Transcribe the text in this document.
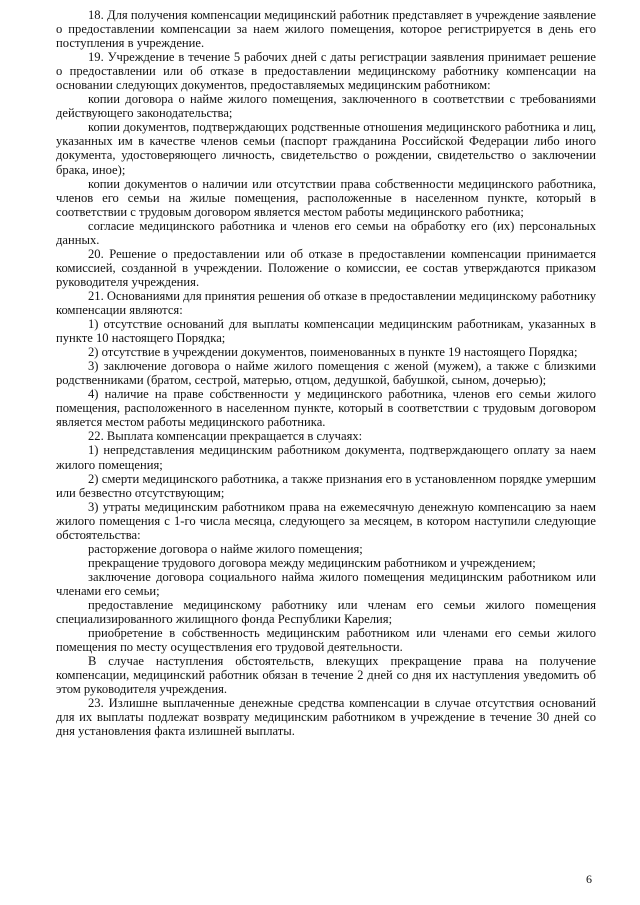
18. Для получения компенсации медицинский работник представляет в учреждение заявление о предоставлении компенсации за наем жилого помещения, которое регистрируется в день его поступления в учреждение.

19. Учреждение в течение 5 рабочих дней с даты регистрации заявления принимает решение о предоставлении или об отказе в предоставлении медицинскому работнику компенсации на основании следующих документов, предоставляемых медицинским работником:

копии договора о найме жилого помещения, заключенного в соответствии с требованиями действующего законодательства;

копии документов, подтверждающих родственные отношения медицинского работника и лиц, указанных им в качестве членов семьи (паспорт гражданина Российской Федерации либо иного документа, удостоверяющего личность, свидетельство о рождении, свидетельство о заключении брака, иное);

копии документов о наличии или отсутствии права собственности медицинского работника, членов его семьи на жилые помещения, расположенные в населенном пункте, который в соответствии с трудовым договором является местом работы медицинского работника;

согласие медицинского работника и членов его семьи на обработку его (их) персональных данных.

20. Решение о предоставлении или об отказе в предоставлении компенсации принимается комиссией, созданной в учреждении. Положение о комиссии, ее состав утверждаются приказом руководителя учреждения.

21. Основаниями для принятия решения об отказе в предоставлении медицинскому работнику компенсации являются:

1) отсутствие оснований для выплаты компенсации медицинским работникам, указанных в пункте 10 настоящего Порядка;

2) отсутствие в учреждении документов, поименованных в пункте 19 настоящего Порядка;

3) заключение договора о найме жилого помещения с женой (мужем), а также с близкими родственниками (братом, сестрой, матерью, отцом, дедушкой, бабушкой, сыном, дочерью);

4) наличие на праве собственности у медицинского работника, членов его семьи жилого помещения, расположенного в населенном пункте, который в соответствии с трудовым договором является местом работы медицинского работника.

22. Выплата компенсации прекращается в случаях:

1) непредставления медицинским работником документа, подтверждающего оплату за наем жилого помещения;

2) смерти медицинского работника, а также признания его в установленном порядке умершим или безвестно отсутствующим;

3) утраты медицинским работником права на ежемесячную денежную компенсацию за наем жилого помещения с 1-го числа месяца, следующего за месяцем, в котором наступили следующие обстоятельства:

расторжение договора о найме жилого помещения;

прекращение трудового договора между медицинским работником и учреждением;

заключение договора социального найма жилого помещения медицинским работником или членами его семьи;

предоставление медицинскому работнику или членам его семьи жилого помещения специализированного жилищного фонда Республики Карелия;

приобретение в собственность медицинским работником или членами его семьи жилого помещения по месту осуществления его трудовой деятельности.

В случае наступления обстоятельств, влекущих прекращение права на получение компенсации, медицинский работник обязан в течение 2 дней со дня их наступления уведомить об этом руководителя учреждения.

23. Излишне выплаченные денежные средства компенсации в случае отсутствия оснований для их выплаты подлежат возврату медицинским работником в учреждение в течение 30 дней со дня установления факта излишней выплаты.

6
